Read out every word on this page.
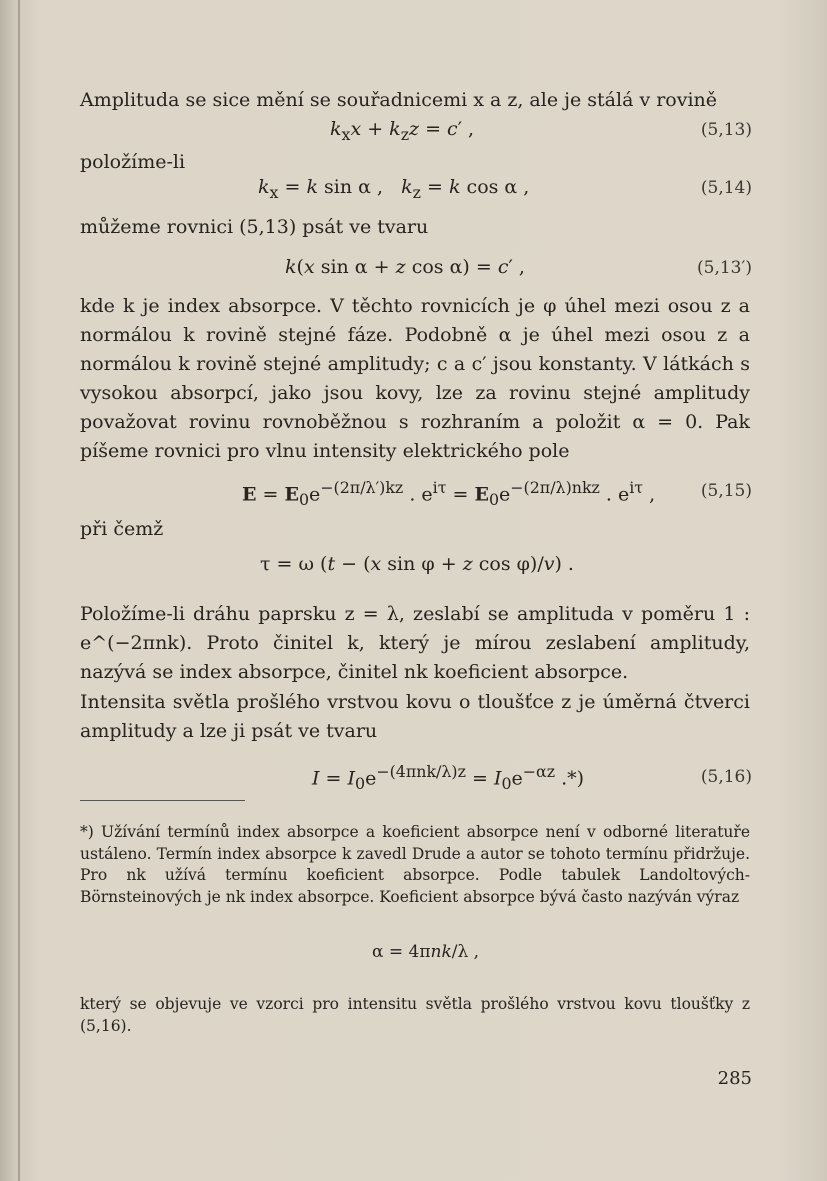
Amplituda se sice mění se souřadnicemi x a z, ale je stálá v rovině
$k_xx + k_zz = c'$ ,	(5,13)
položíme-li
$k_x = k$ sin α ,   $k_z = k$ cos α ,	(5,14)
můžeme rovnici (5,13) psát ve tvaru
k(x sin α + z cos α) = c′ ,	(5,13′)
kde k je index absorpce. V těchto rovnicích je φ úhel mezi osou z a normálou k rovině stejné fáze. Podobně α je úhel mezi osou z a normálou k rovině stejné amplitudy; c a c′ jsou konstanty. V látkách s vysokou absorpcí, jako jsou kovy, lze za rovinu stejné amplitudy považovat rovinu rovnoběžnou s rozhraním a položit α = 0. Pak píšeme rovnici pro vlnu intensity elektrického pole
$E = E_0e^{-(2\pi/\lambda')kz}$ . $e^{i\tau} = E_0e^{-(2\pi/\lambda)nkz}$ . $e^{i\tau}$ ,	(5,15)
při čemž
τ = ω (t − (x sin φ + z cos φ)/v) .
Položíme-li dráhu paprsku z = λ, zeslabí se amplituda v poměru 1 : e^(−2πnk). Proto činitel k, který je mírou zeslabení amplitudy, nazývá se index absorpce, činitel nk koeficient absorpce.
Intensita světla prošlého vrstvou kovu o tloušťce z je úměrná čtverci amplitudy a lze ji psát ve tvaru
$I = I_0e^{-(4\pi nk/\lambda)z} = I_0e^{-\alpha z}$ .*)	(5,16)
*) Užívání termínů index absorpce a koeficient absorpce není v odborné literatuře ustáleno. Termín index absorpce k zavedl Drude a autor se tohoto termínu přidržuje. Pro nk užívá termínu koeficient absorpce. Podle tabulek Landoltových-Börnsteinových je nk index absorpce. Koeficient absorpce bývá často nazýván výraz
α = 4πnk/λ ,
který se objevuje ve vzorci pro intensitu světla prošlého vrstvou kovu tloušťky z (5,16).
285
